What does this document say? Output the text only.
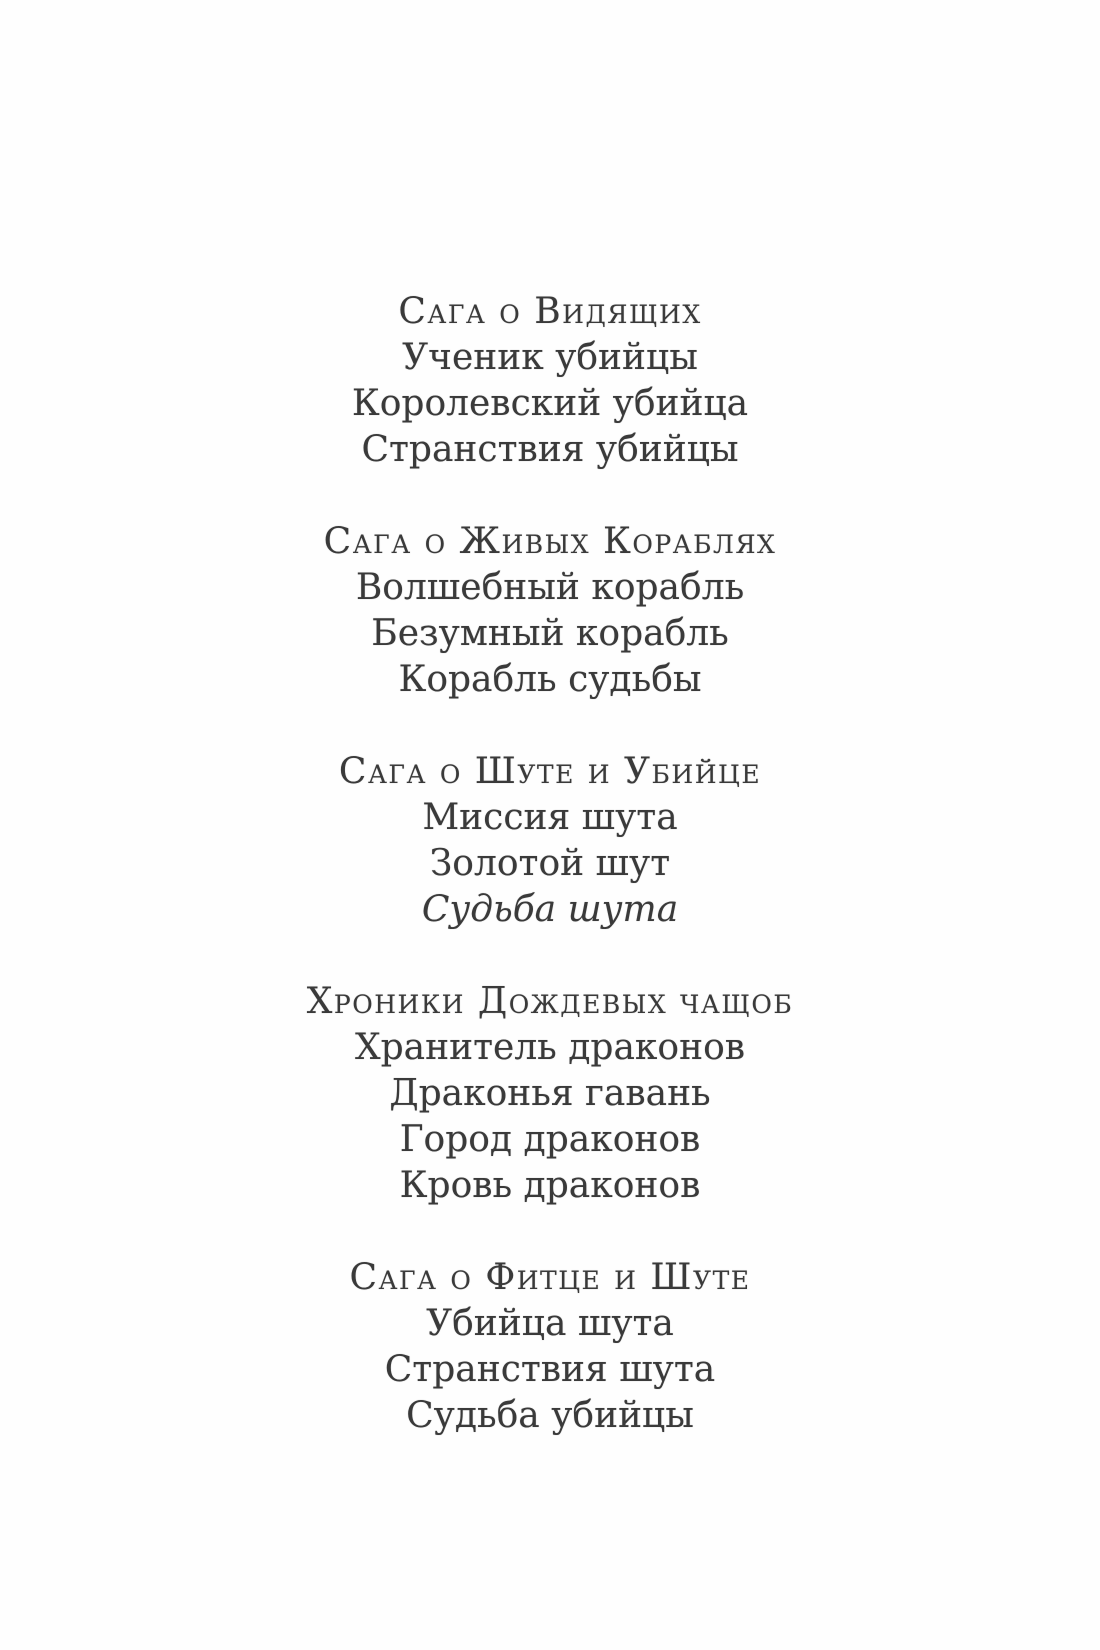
Сага о Видящих
Ученик убийцы
Королевский убийца
Странствия убийцы
Сага о Живых Кораблях
Волшебный корабль
Безумный корабль
Корабль судьбы
Сага о Шуте и Убийце
Миссия шута
Золотой шут
Судьба шута
Хроники Дождевых чащоб
Хранитель драконов
Драконья гавань
Город драконов
Кровь драконов
Сага о Фитце и Шуте
Убийца шута
Странствия шута
Судьба убийцы
